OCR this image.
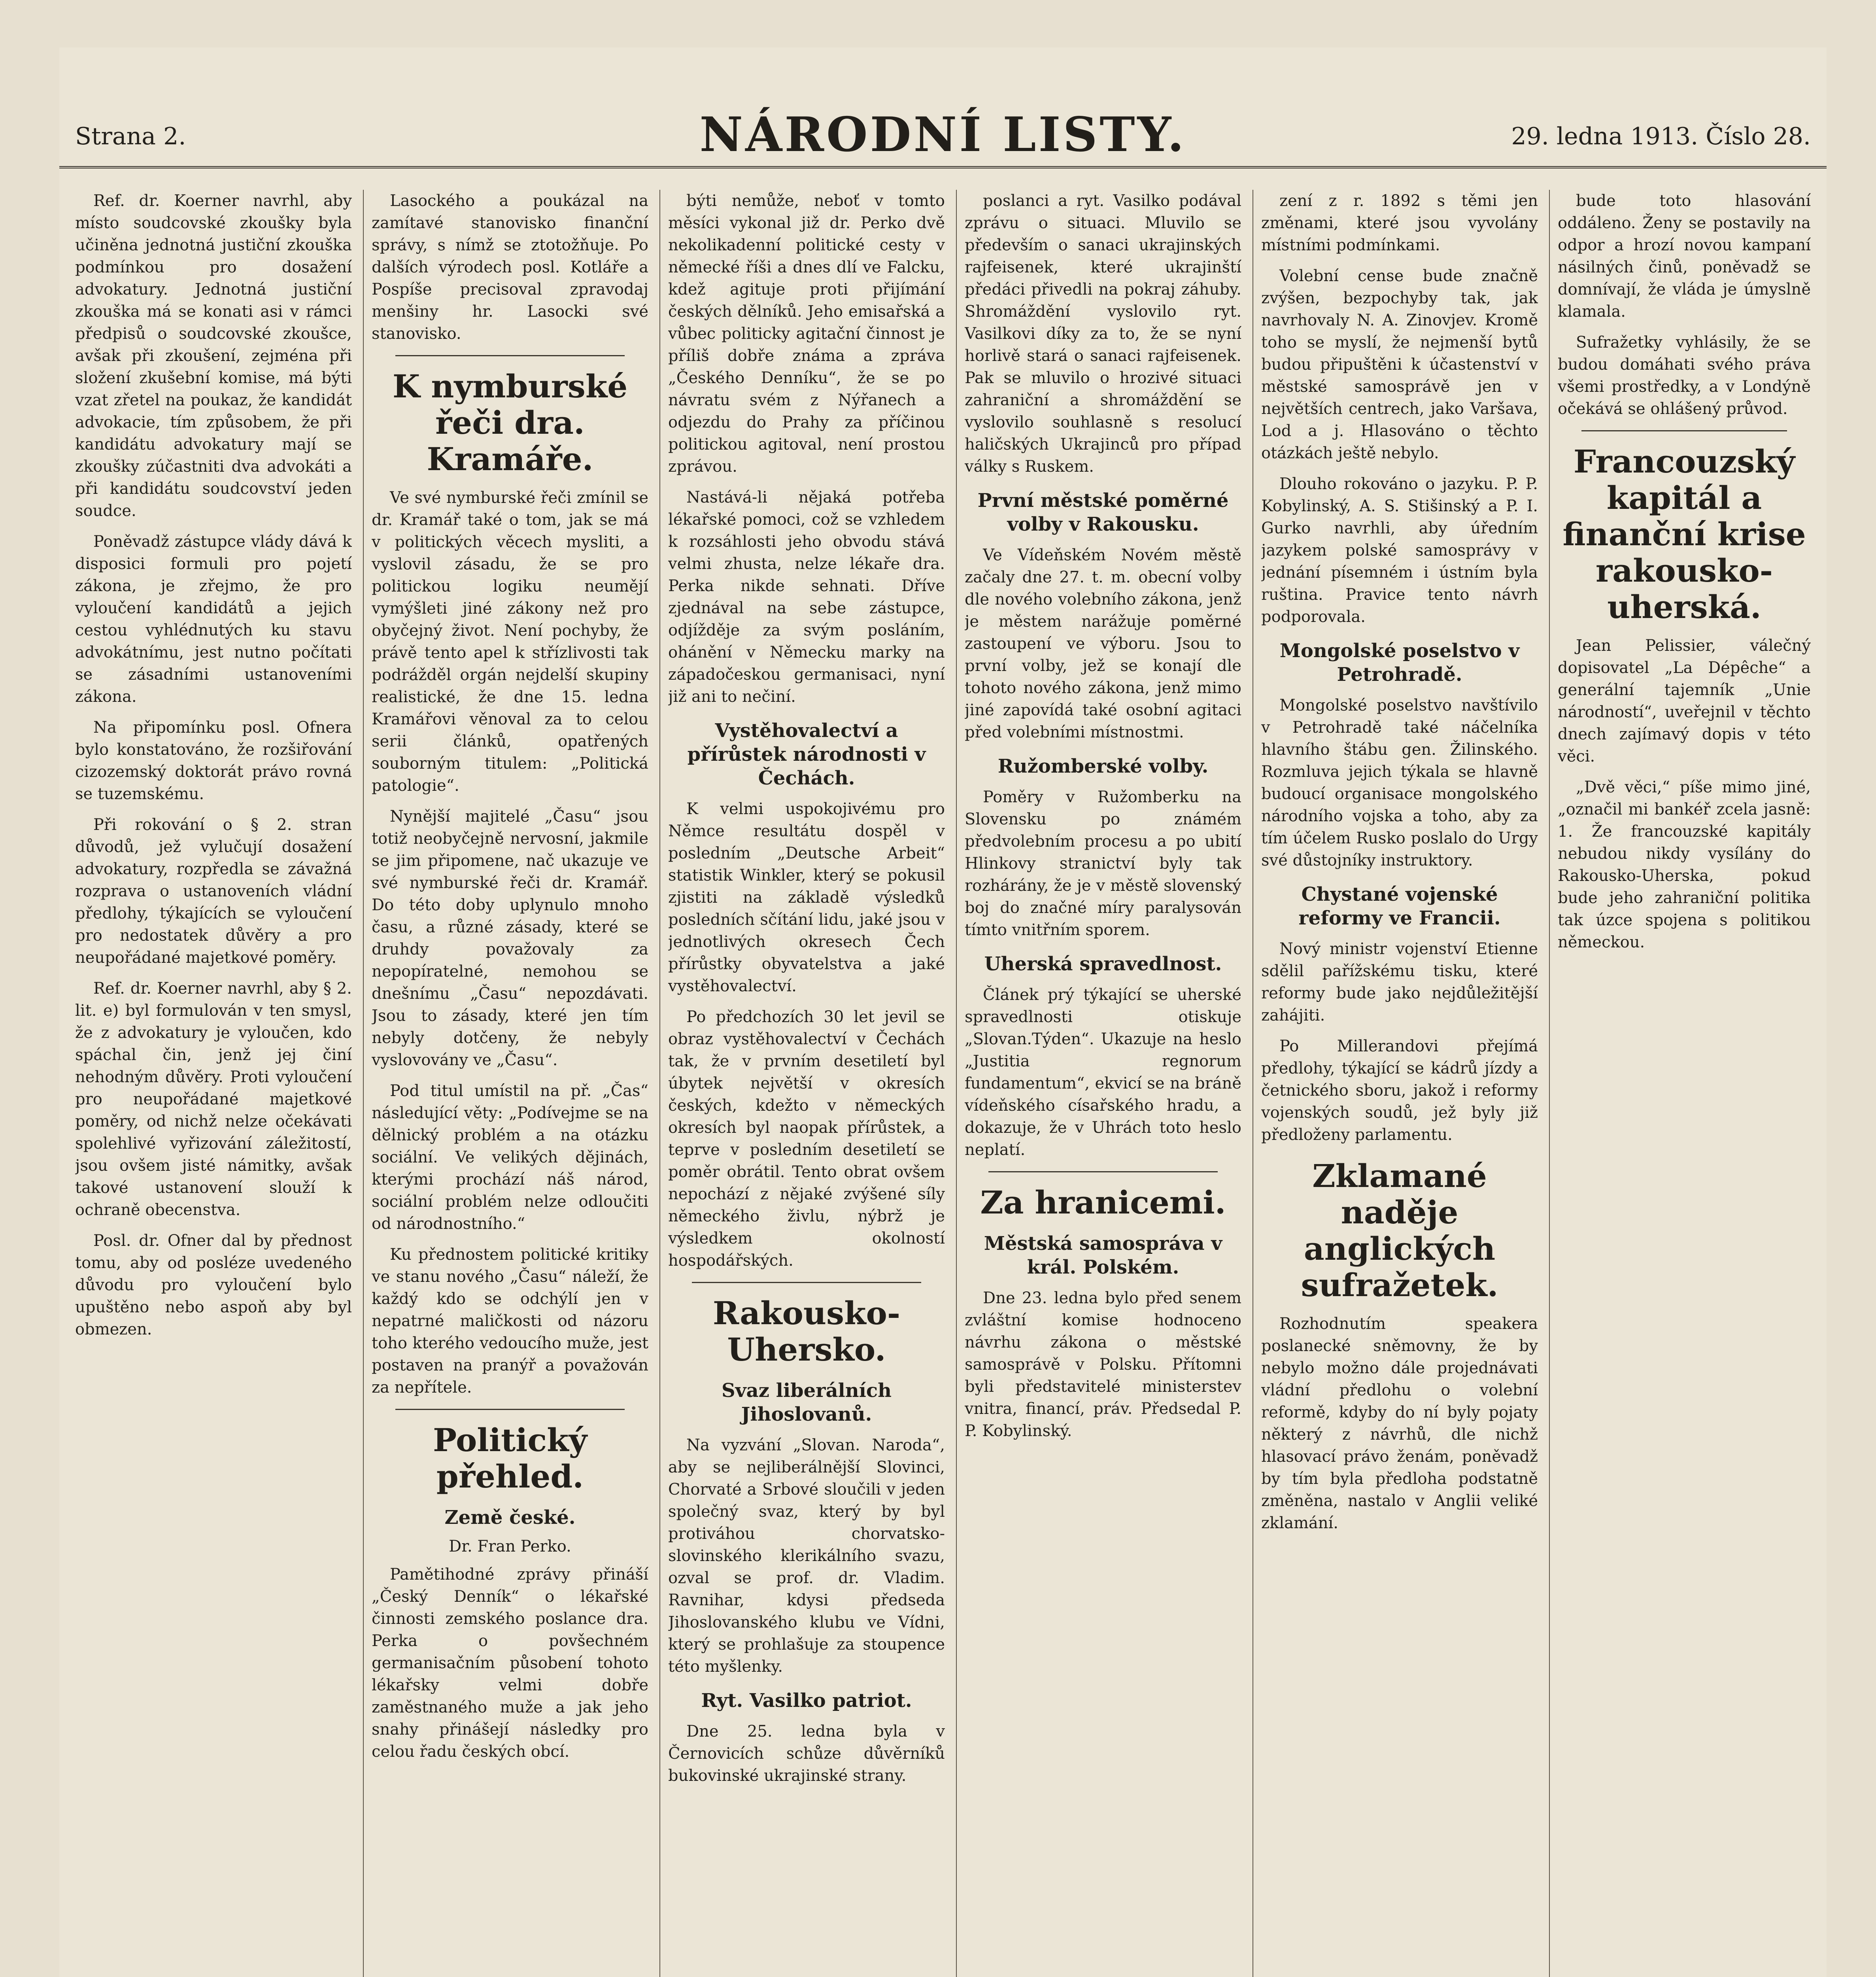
Strana 2.	NÁRODNÍ LISTY.	29. ledna 1913. Číslo 28.

Ref. dr. Koerner navrhl, aby místo soudcovské zkoušky byla učiněna jednotná justiční zkouška podmínkou pro dosažení advokatury. Jednotná justiční zkouška má se konati asi v rámci předpisů o soudcovské zkoušce, avšak při zkoušení, zejména při složení zkušební komise, má býti vzat zřetel na poukaz, že kandidát advokacie, tím způsobem, že při kandidátu advokatury mají se zkoušky zúčastniti dva advokáti a při kandidátu soudcovství jeden soudce.

Poněvadž zástupce vlády dává k disposici formuli pro pojetí zákona, je zřejmo, že pro vyloučení kandidátů a jejich cestou vyhlédnutých ku stavu advokátnímu, jest nutno počítati se zásadními ustanoveními zákona.

Na připomínku posl. Ofnera bylo konstatováno, že rozšiřování cizozemský doktorát právo rovná se tuzemskému.

Při rokování o § 2. stran důvodů, jež vylučují dosažení advokatury, rozpředla se závažná rozprava o ustanoveních vládní předlohy, týkajících se vyloučení pro nedostatek důvěry a pro neupořádané majetkové poměry.

Ref. dr. Koerner navrhl, aby § 2. lit. e) byl formulován v ten smysl, že z advokatury je vyloučen, kdo spáchal čin, jenž jej činí nehodným důvěry. Proti vyloučení pro neupořádané majetkové poměry, od nichž nelze očekávati spolehlivé vyřizování záležitostí, jsou ovšem jisté námitky, avšak takové ustanovení slouží k ochraně obecenstva.

Posl. dr. Ofner dal by přednost tomu, aby od posléze uvedeného důvodu pro vyloučení bylo upuštěno nebo aspoň aby byl obmezen.

Lasockého a poukázal na zamítavé stanovisko finanční správy, s nímž se ztotožňuje. Po dalších výrodech posl. Kotláře a Pospíše precisoval zpravodaj menšiny hr. Lasocki své stanovisko.

K nymburské řeči dra. Kramáře.

Ve své nymburské řeči zmínil se dr. Kramář také o tom, jak se má v politických věcech mysliti, a vyslovil zásadu, že se pro politickou logiku neumějí vymýšleti jiné zákony než pro obyčejný život. Není pochyby, že právě tento apel k střízlivosti tak podrážděl orgán nejdelší skupiny realistické, že dne 15. ledna Kramářovi věnoval za to celou serii článků, opatřených souborným titulem: „Politická patologie“.

Nynější majitelé „Času“ jsou totiž neobyčejně nervosní, jakmile se jim připomene, nač ukazuje ve své nymburské řeči dr. Kramář. Do této doby uplynulo mnoho času, a různé zásady, které se druhdy považovaly za nepopíratelné, nemohou se dnešnímu „Času“ nepozdávati. Jsou to zásady, které jen tím nebyly dotčeny, že nebyly vyslovovány ve „Času“.

Pod titul umístil na př. „Čas“ následující věty: „Podívejme se na dělnický problém a na otázku sociální. Ve velikých dějinách, kterými prochází náš národ, sociální problém nelze odloučiti od národnostního.“

Ku přednostem politické kritiky ve stanu nového „Času“ náleží, že každý kdo se odchýlí jen v nepatrné maličkosti od názoru toho kterého vedoucího muže, jest postaven na pranýř a považován za nepřítele.

Politický přehled.
Země české.
Dr. Fran Perko.

Pamětihodné zprávy přináší „Český Denník“ o lékařské činnosti zemského poslance dra. Perka o povšechném germanisačním působení tohoto lékařsky velmi dobře zaměstnaného muže a jak jeho snahy přinášejí následky pro celou řadu českých obcí.

býti nemůže, neboť v tomto měsíci vykonal již dr. Perko dvě nekolikadenní politické cesty v německé říši a dnes dlí ve Falcku, kdež agituje proti přijímání českých dělníků. Jeho emisařská a vůbec politicky agitační činnost je příliš dobře známa a zpráva „Českého Denníku“, že se po návratu svém z Nýřanech a odjezdu do Prahy za příčinou politickou agitoval, není prostou zprávou.

Nastává-li nějaká potřeba lékařské pomoci, což se vzhledem k rozsáhlosti jeho obvodu stává velmi zhusta, nelze lékaře dra. Perka nikde sehnati. Dříve zjednával na sebe zástupce, odjížděje za svým posláním, ohánění v Německu marky na západočeskou germanisaci, nyní již ani to nečiní.

Vystěhovalectví a přírůstek národnosti v Čechách.

K velmi uspokojivému pro Němce resultátu dospěl v posledním „Deutsche Arbeit“ statistik Winkler, který se pokusil zjistiti na základě výsledků posledních sčítání lidu, jaké jsou v jednotlivých okresech Čech přírůstky obyvatelstva a jaké vystěhovalectví.

Po předchozích 30 let jevil se obraz vystěhovalectví v Čechách tak, že v prvním desetiletí byl úbytek největší v okresích českých, kdežto v německých okresích byl naopak přírůstek, a teprve v posledním desetiletí se poměr obrátil. Tento obrat ovšem nepochází z nějaké zvýšené síly německého živlu, nýbrž je výsledkem okolností hospodářských.

Rakousko-Uhersko.
Svaz liberálních Jihoslovanů.

Na vyzvání „Slovan. Naroda“, aby se nejliberálnější Slovinci, Chorvaté a Srbové sloučili v jeden společný svaz, který by byl protiváhou chorvatsko-slovinského klerikálního svazu, ozval se prof. dr. Vladim. Ravnihar, kdysi předseda Jihoslovanského klubu ve Vídni, který se prohlašuje za stoupence této myšlenky.

Ryt. Vasilko patriot.

Dne 25. ledna byla v Černovicích schůze důvěrníků bukovinské ukrajinské strany.

poslanci a ryt. Vasilko podával zprávu o situaci. Mluvilo se především o sanaci ukrajinských rajfeisenek, které ukrajinští předáci přivedli na pokraj záhuby. Shromáždění vyslovilo ryt. Vasilkovi díky za to, že se nyní horlivě stará o sanaci rajfeisenek. Pak se mluvilo o hrozivé situaci zahraniční a shromáždění se vyslovilo souhlasně s resolucí haličských Ukrajinců pro případ války s Ruskem.

První městské poměrné volby v Rakousku.

Ve Vídeňském Novém městě začaly dne 27. t. m. obecní volby dle nového volebního zákona, jenž je městem narážuje poměrné zastoupení ve výboru. Jsou to první volby, jež se konají dle tohoto nového zákona, jenž mimo jiné zapovídá také osobní agitaci před volebními místnostmi.

Ružomberské volby.

Poměry v Ružomberku na Slovensku po známém předvolebním procesu a po ubití Hlinkovy stranictví byly tak rozhárány, že je v městě slovenský boj do značné míry paralysován tímto vnitřním sporem.

Uherská spravedlnost.

Článek prý týkající se uherské spravedlnosti otiskuje „Slovan.Týden“. Ukazuje na heslo „Justitia regnorum fundamentum“, ekvicí se na bráně vídeňského císařského hradu, a dokazuje, že v Uhrách toto heslo neplatí.

Za hranicemi.
Městská samospráva v král. Polském.

Dne 23. ledna bylo před senem zvláštní komise hodnoceno návrhu zákona o městské samosprávě v Polsku. Přítomni byli představitelé ministerstev vnitra, financí, práv. Předsedal P. P. Kobylinský.

zení z r. 1892 s těmi jen změnami, které jsou vyvolány místními podmínkami.

Volební cense bude značně zvýšen, bezpochyby tak, jak navrhovaly N. A. Zinovjev. Kromě toho se myslí, že nejmenší bytů budou připuštěni k účastenství v městské samosprávě jen v největších centrech, jako Varšava, Lod a j. Hlasováno o těchto otázkách ještě nebylo.

Dlouho rokováno o jazyku. P. P. Kobylinský, A. S. Stišinský a P. I. Gurko navrhli, aby úředním jazykem polské samosprávy v jednání písemném i ústním byla ruština. Pravice tento návrh podporovala.

Mongolské poselstvo v Petrohradě.

Mongolské poselstvo navštívilo v Petrohradě také náčelníka hlavního štábu gen. Žilinského. Rozmluva jejich týkala se hlavně budoucí organisace mongolského národního vojska a toho, aby za tím účelem Rusko poslalo do Urgy své důstojníky instruktory.

Chystané vojenské reformy ve Francii.

Nový ministr vojenství Etienne sdělil pařížskému tisku, které reformy bude jako nejdůležitější zahájiti.

Po Millerandovi přejímá předlohy, týkající se kádrů jízdy a četnického sboru, jakož i reformy vojenských soudů, jež byly již předloženy parlamentu.

Zklamané naděje anglických sufražetek.

Rozhodnutím speakera poslanecké sněmovny, že by nebylo možno dále projednávati vládní předlohu o volební reformě, kdyby do ní byly pojaty některý z návrhů, dle nichž hlasovací právo ženám, poněvadž by tím byla předloha podstatně změněna, nastalo v Anglii veliké zklamání.

bude toto hlasování oddáleno. Ženy se postavily na odpor a hrozí novou kampaní násilných činů, poněvadž se domnívají, že vláda je úmyslně klamala.

Sufražetky vyhlásily, že se budou domáhati svého práva všemi prostředky, a v Londýně očekává se ohlášený průvod.

Francouzský kapitál a finanční krise rakousko-uherská.

Jean Pelissier, válečný dopisovatel „La Dépêche“ a generální tajemník „Unie národností“, uveřejnil v těchto dnech zajímavý dopis v této věci.

„Dvě věci,“ píše mimo jiné, „označil mi bankéř zcela jasně: 1. Že francouzské kapitály nebudou nikdy vysílány do Rakousko-Uherska, pokud bude jeho zahraniční politika tak úzce spojena s politikou německou.
